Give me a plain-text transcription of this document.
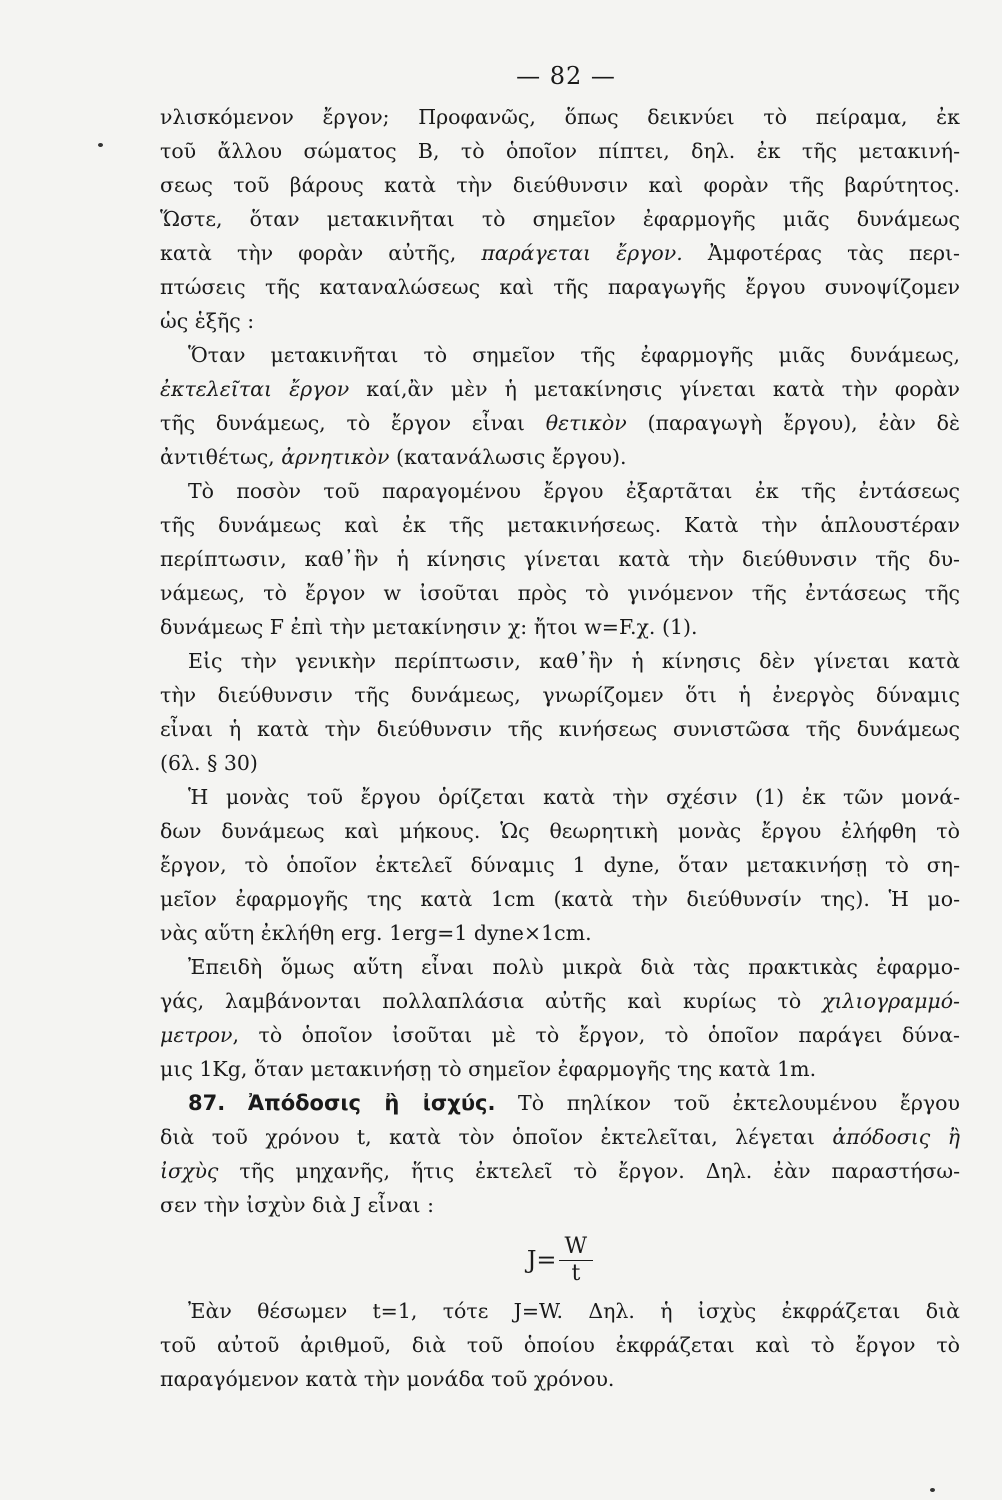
— 82 —
νλισκόμενον ἔργον; Προφανῶς, ὅπως δεικνύει τὸ πείραμα, ἐκ
τοῦ ἄλλου σώματος Β, τὸ ὁποῖον πίπτει, δηλ. ἐκ τῆς μετακινή-
σεως τοῦ βάρους κατὰ τὴν διεύθυνσιν καὶ φορὰν τῆς βαρύτητος.
Ὥστε, ὅταν μετακινῆται τὸ σημεῖον ἐφαρμογῆς μιᾶς δυνάμεως
κατὰ τὴν φορὰν αὐτῆς, παράγεται ἔργον. Ἀμφοτέρας τὰς περι-
πτώσεις τῆς καταναλώσεως καὶ τῆς παραγωγῆς ἔργου συνοψίζομεν
ὡς ἑξῆς :
Ὅταν μετακινῆται τὸ σημεῖον τῆς ἐφαρμογῆς μιᾶς δυνάμεως,
ἐκτελεῖται ἔργον καί,ἂν μὲν ἡ μετακίνησις γίνεται κατὰ τὴν φορὰν
τῆς δυνάμεως, τὸ ἔργον εἶναι θετικὸν (παραγωγὴ ἔργου), ἐὰν δὲ
ἀντιθέτως, ἀρνητικὸν (κατανάλωσις ἔργου).
Τὸ ποσὸν τοῦ παραγομένου ἔργου ἐξαρτᾶται ἐκ τῆς ἐντάσεως
τῆς δυνάμεως καὶ ἐκ τῆς μετακινήσεως. Κατὰ τὴν ἁπλουστέραν
περίπτωσιν, καθ᾽ἣν ἡ κίνησις γίνεται κατὰ τὴν διεύθυνσιν τῆς δυ-
νάμεως, τὸ ἔργον w ἰσοῦται πρὸς τὸ γινόμενον τῆς ἐντάσεως τῆς
δυνάμεως F ἐπὶ τὴν μετακίνησιν χ: ἤτοι w=F.χ. (1).
Εἰς τὴν γενικὴν περίπτωσιν, καθ᾽ἣν ἡ κίνησις δὲν γίνεται κατὰ
τὴν διεύθυνσιν τῆς δυνάμεως, γνωρίζομεν ὅτι ἡ ἐνεργὸς δύναμις
εἶναι ἡ κατὰ τὴν διεύθυνσιν τῆς κινήσεως συνιστῶσα τῆς δυνάμεως
(6λ. § 30)
Ἡ μονὰς τοῦ ἔργου ὁρίζεται κατὰ τὴν σχέσιν (1) ἐκ τῶν μονά-
δων δυνάμεως καὶ μήκους. Ὡς θεωρητικὴ μονὰς ἔργου ἐλήφθη τὸ
ἔργον, τὸ ὁποῖον ἐκτελεῖ δύναμις 1 dyne, ὅταν μετακινήσῃ τὸ ση-
μεῖον ἐφαρμογῆς της κατὰ 1cm (κατὰ τὴν διεύθυνσίν της). Ἡ μο-
νὰς αὕτη ἐκλήθη erg. 1erg=1 dyne×1cm.
Ἐπειδὴ ὅμως αὕτη εἶναι πολὺ μικρὰ διὰ τὰς πρακτικὰς ἐφαρμο-
γάς, λαμβάνονται πολλαπλάσια αὐτῆς καὶ κυρίως τὸ χιλιογραμμό-
μετρον, τὸ ὁποῖον ἰσοῦται μὲ τὸ ἔργον, τὸ ὁποῖον παράγει δύνα-
μις 1Kg, ὅταν μετακινήσῃ τὸ σημεῖον ἐφαρμογῆς της κατὰ 1m.
87. Ἀπόδοσις ἢ ἰσχύς. Τὸ πηλίκον τοῦ ἐκτελουμένου ἔργου
διὰ τοῦ χρόνου t, κατὰ τὸν ὁποῖον ἐκτελεῖται, λέγεται ἀπόδοσις ἢ
ἰσχὺς τῆς μηχανῆς, ἥτις ἐκτελεῖ τὸ ἔργον. Δηλ. ἐὰν παραστήσω-
σεν τὴν ἰσχὺν διὰ J εἶναι :
$J= \frac{W}{t}$
Ἐὰν θέσωμεν t=1, τότε J=W. Δηλ. ἡ ἰσχὺς ἐκφράζεται διὰ
τοῦ αὐτοῦ ἀριθμοῦ, διὰ τοῦ ὁποίου ἐκφράζεται καὶ τὸ ἔργον τὸ
παραγόμενον κατὰ τὴν μονάδα τοῦ χρόνου.
